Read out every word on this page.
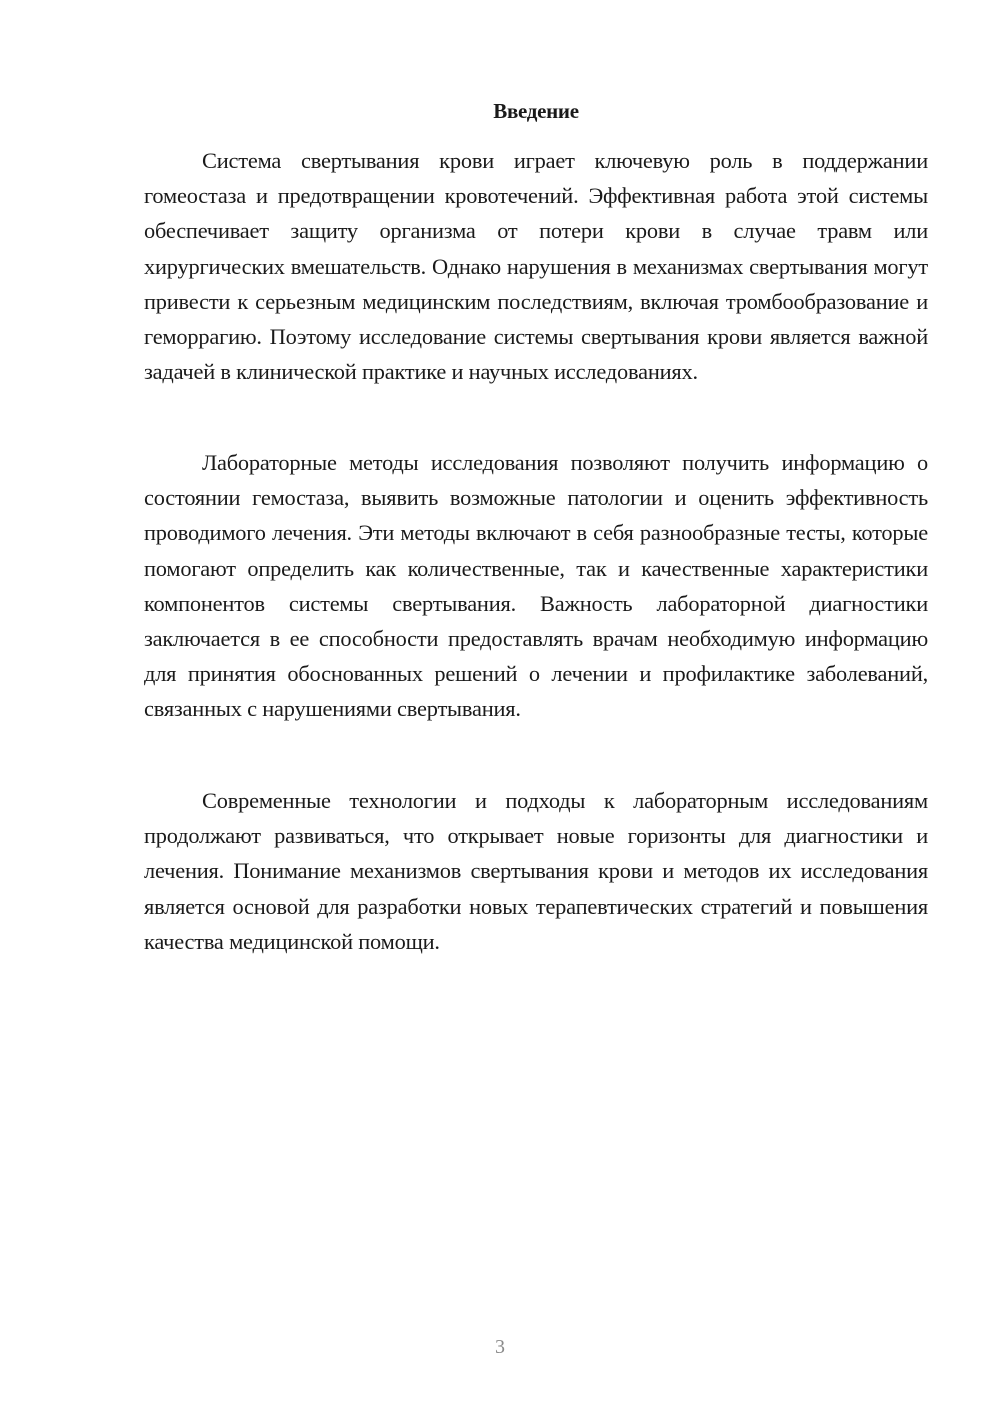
Введение

Система свертывания крови играет ключевую роль в поддержании гомеостаза и предотвращении кровотечений. Эффективная работа этой системы обеспечивает защиту организма от потери крови в случае травм или хирургических вмешательств. Однако нарушения в механизмах свертывания могут привести к серьезным медицинским последствиям, включая тромбообразование и геморрагию. Поэтому исследование системы свертывания крови является важной задачей в клинической практике и научных исследованиях.

Лабораторные методы исследования позволяют получить информацию о состоянии гемостаза, выявить возможные патологии и оценить эффективность проводимого лечения. Эти методы включают в себя разнообразные тесты, которые помогают определить как количественные, так и качественные характеристики компонентов системы свертывания. Важность лабораторной диагностики заключается в ее способности предоставлять врачам необходимую информацию для принятия обоснованных решений о лечении и профилактике заболеваний, связанных с нарушениями свертывания.

Современные технологии и подходы к лабораторным исследованиям продолжают развиваться, что открывает новые горизонты для диагностики и лечения. Понимание механизмов свертывания крови и методов их исследования является основой для разработки новых терапевтических стратегий и повышения качества медицинской помощи.

3
